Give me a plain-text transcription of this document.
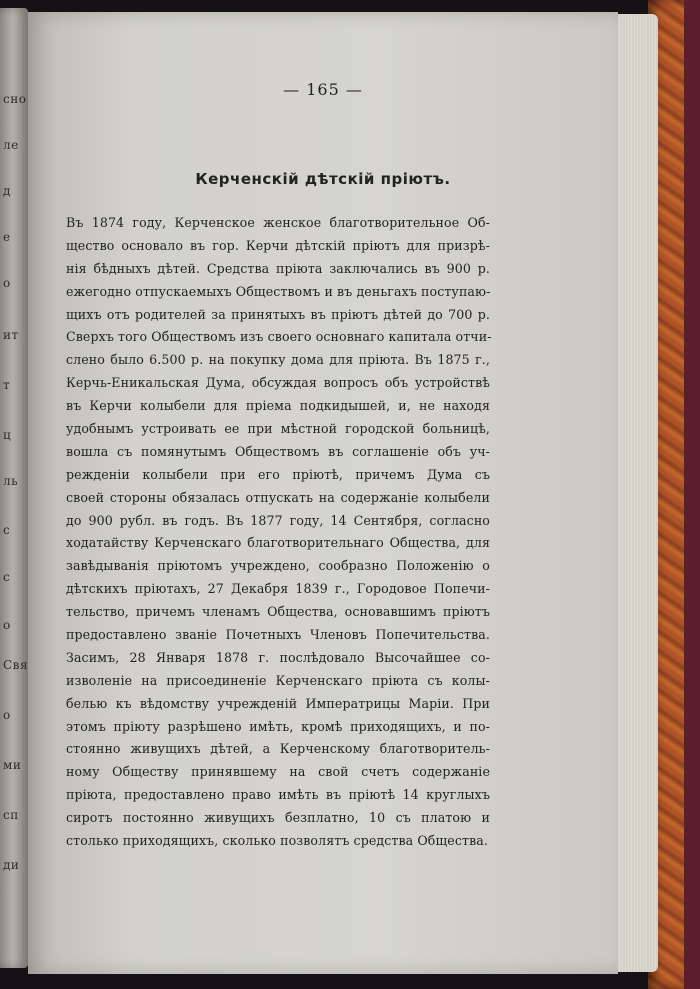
сно
ле
д
е
о
ит
т
ц
ль
с
с
о
Свя
о
ми
сп
ди
— 165 —
Керченскій дѣтскій пріютъ.
Въ 1874 году, Керченское женское благотворительное Об-
щество основало въ гор. Керчи дѣтскій пріютъ для призрѣ-
нія бѣдныхъ дѣтей. Средства пріюта заключались въ 900 р.
ежегодно отпускаемыхъ Обществомъ и въ деньгахъ поступаю-
щихъ отъ родителей за принятыхъ въ пріютъ дѣтей до 700 р.
Сверхъ того Обществомъ изъ своего основнаго капитала отчи-
слено было 6.500 р. на покупку дома для пріюта. Въ 1875 г.,
Керчь-Еникальская Дума, обсуждая вопросъ объ устройствѣ
въ Керчи колыбели для пріема подкидышей, и, не находя
удобнымъ устроивать ее при мѣстной городской больницѣ,
вошла съ помянутымъ Обществомъ въ соглашеніе объ уч-
режденіи колыбели при его пріютѣ, причемъ Дума съ
своей стороны обязалась отпускать на содержаніе колыбели
до 900 рубл. въ годъ. Въ 1877 году, 14 Сентября, согласно
ходатайству Керченскаго благотворительнаго Общества, для
завѣдыванія пріютомъ учреждено, сообразно Положенію о
дѣтскихъ пріютахъ, 27 Декабря 1839 г., Городовое Попечи-
тельство, причемъ членамъ Общества, основавшимъ пріютъ
предоставлено званіе Почетныхъ Членовъ Попечительства.
Засимъ, 28 Января 1878 г. послѣдовало Высочайшее со-
изволеніе на присоединеніе Керченскаго пріюта съ колы-
белью къ вѣдомству учрежденій Императрицы Маріи. При
этомъ пріюту разрѣшено имѣть, кромѣ приходящихъ, и по-
стоянно живущихъ дѣтей, а Керченскому благотворитель-
ному Обществу принявшему на свой счетъ содержаніе
пріюта, предоставлено право имѣть въ пріютѣ 14 круглыхъ
сиротъ постоянно живущихъ безплатно, 10 съ платою и
столько приходящихъ, сколько позволятъ средства Общества.
